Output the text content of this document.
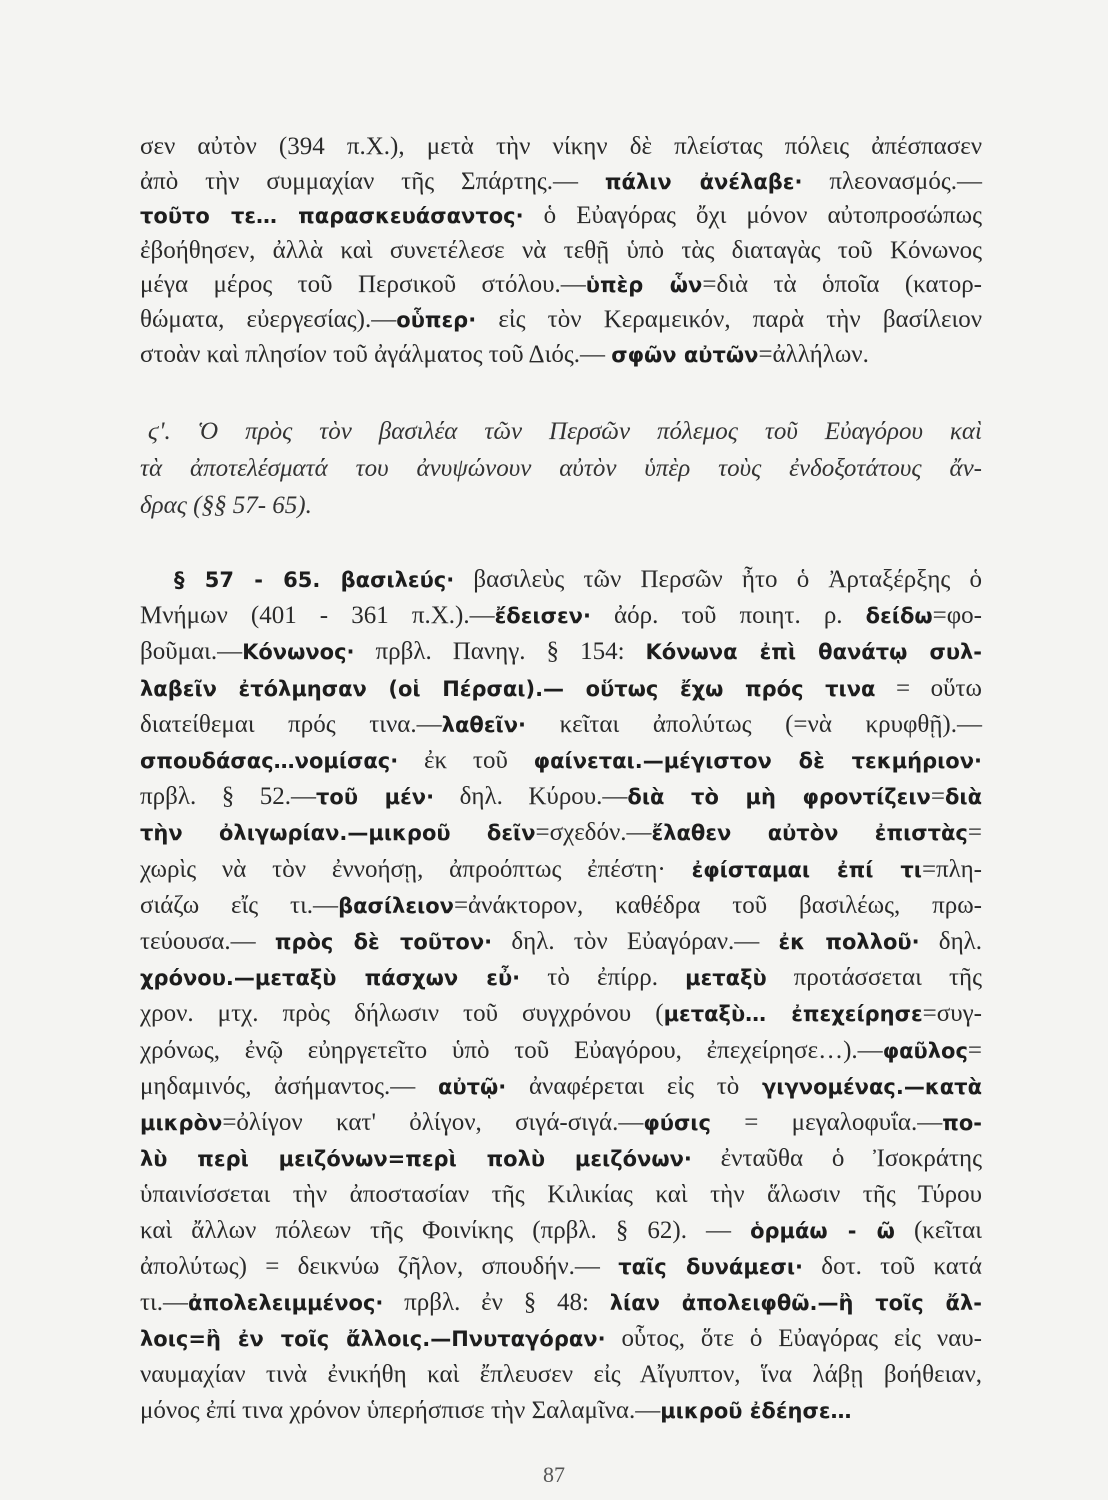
σεν αὐτὸν (394 π.Χ.), μετὰ τὴν νίκην δὲ πλείστας πόλεις ἀπέσπασεν
ἀπὸ τὴν συμμαχίαν τῆς Σπάρτης.— πάλιν ἀνέλαβε· πλεονασμός.—
τοῦτο τε… παρασκευάσαντος· ὁ Εὐαγόρας ὄχι μόνον αὐτοπροσώπως
ἐβοήθησεν, ἀλλὰ καὶ συνετέλεσε νὰ τεθῇ ὑπὸ τὰς διαταγὰς τοῦ Κόνωνος
μέγα μέρος τοῦ Περσικοῦ στόλου.—ὑπὲρ ὧν=διὰ τὰ ὁποῖα (κατορ-
θώματα, εὐεργεσίας).—οὗπερ· εἰς τὸν Κεραμεικόν, παρὰ τὴν βασίλειον
στοὰν καὶ πλησίον τοῦ ἀγάλματος τοῦ Διός.— σφῶν αὐτῶν=ἀλλήλων.
ϛ'. Ὁ πρὸς τὸν βασιλέα τῶν Περσῶν πόλεμος τοῦ Εὐαγόρου καὶ
τὰ ἀποτελέσματά του ἀνυψώνουν αὐτὸν ὑπὲρ τοὺς ἐνδοξοτάτους ἄν-
δρας (§§ 57- 65).
§ 57 - 65. βασιλεύς· βασιλεὺς τῶν Περσῶν ἦτο ὁ Ἀρταξέρξης ὁ
Μνήμων (401 - 361 π.Χ.).—ἔδεισεν· ἀόρ. τοῦ ποιητ. ρ. δείδω=φο-
βοῦμαι.—Κόνωνος· πρβλ. Πανηγ. § 154: Κόνωνα ἐπὶ θανάτῳ συλ-
λαβεῖν ἐτόλμησαν (οἱ Πέρσαι).— οὕτως ἔχω πρός τινα = οὕτω
διατείθεμαι πρός τινα.—λαθεῖν· κεῖται ἀπολύτως (=νὰ κρυφθῇ).—
σπουδάσας…νομίσας· ἐκ τοῦ φαίνεται.—μέγιστον δὲ τεκμήριον·
πρβλ. § 52.—τοῦ μέν· δηλ. Κύρου.—διὰ τὸ μὴ φροντίζειν=διὰ
τὴν ὀλιγωρίαν.—μικροῦ δεῖν=σχεδόν.—ἔλαθεν αὐτὸν ἐπιστὰς=
χωρὶς νὰ τὸν ἐννοήσῃ, ἀπροόπτως ἐπέστη· ἐφίσταμαι ἐπί τι=πλη-
σιάζω εἴς τι.—βασίλειον=ἀνάκτορον, καθέδρα τοῦ βασιλέως, πρω-
τεύουσα.— πρὸς δὲ τοῦτον· δηλ. τὸν Εὐαγόραν.— ἐκ πολλοῦ· δηλ.
χρόνου.—μεταξὺ πάσχων εὖ· τὸ ἐπίρρ. μεταξὺ προτάσσεται τῆς
χρον. μτχ. πρὸς δήλωσιν τοῦ συγχρόνου (μεταξὺ… ἐπεχείρησε=συγ-
χρόνως, ἐνῷ εὐηργετεῖτο ὑπὸ τοῦ Εὐαγόρου, ἐπεχείρησε…).—φαῦλος=
μηδαμινός, ἀσήμαντος.— αὐτῷ· ἀναφέρεται εἰς τὸ γιγνομένας.—κατὰ
μικρὸν=ὀλίγον κατ' ὀλίγον, σιγά-σιγά.—φύσις = μεγαλοφυΐα.—πο-
λὺ περὶ μειζόνων=περὶ πολὺ μειζόνων· ἐνταῦθα ὁ Ἰσοκράτης
ὑπαινίσσεται τὴν ἀποστασίαν τῆς Κιλικίας καὶ τὴν ἅλωσιν τῆς Τύρου
καὶ ἄλλων πόλεων τῆς Φοινίκης (πρβλ. § 62). — ὁρμάω - ῶ (κεῖται
ἀπολύτως) = δεικνύω ζῆλον, σπουδήν.— ταῖς δυνάμεσι· δοτ. τοῦ κατά
τι.—ἀπολελειμμένος· πρβλ. ἐν § 48: λίαν ἀπολειφθῶ.—ἢ τοῖς ἄλ-
λοις=ἢ ἐν τοῖς ἄλλοις.—Πνυταγόραν· οὗτος, ὅτε ὁ Εὐαγόρας εἰς ναυ-
ναυμαχίαν τινὰ ἐνικήθη καὶ ἔπλευσεν εἰς Αἴγυπτον, ἵνα λάβῃ βοήθειαν,
μόνος ἐπί τινα χρόνον ὑπερήσπισε τὴν Σαλαμῖνα.—μικροῦ ἐδέησε…
87
